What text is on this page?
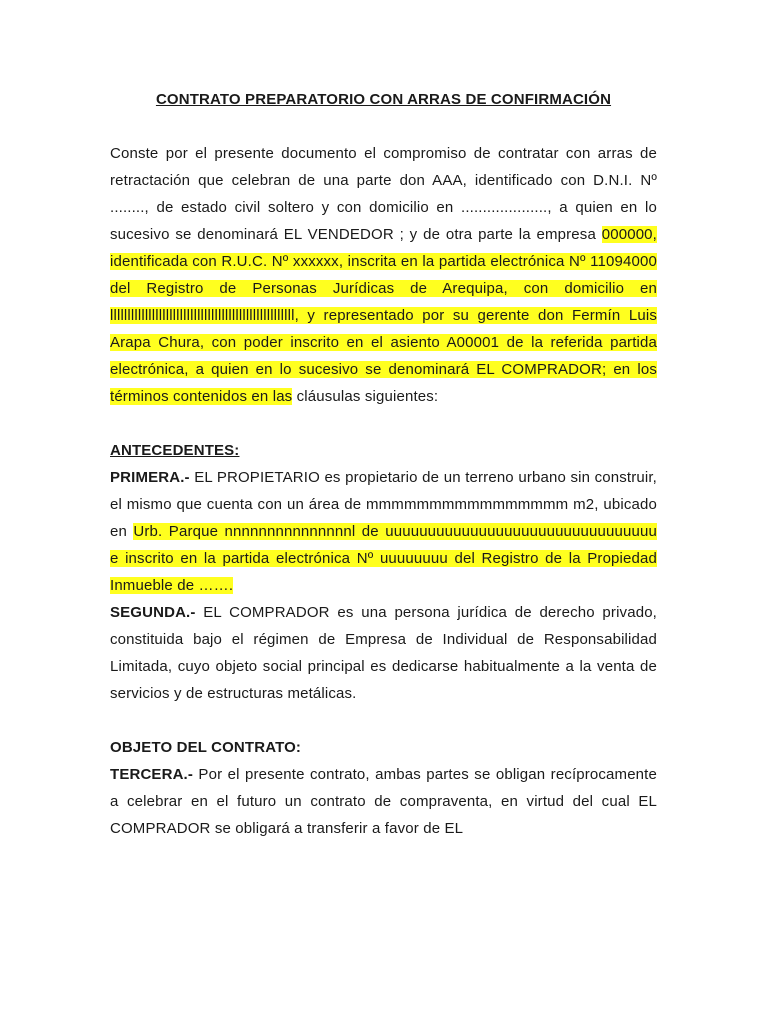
CONTRATO PREPARATORIO CON ARRAS DE CONFIRMACIÓN

Conste por el presente documento el compromiso de contratar con arras de retractación que celebran de una parte don AAA, identificado con D.N.I. Nº ........, de estado civil soltero y con domicilio en ...................., a quien en lo sucesivo se denominará EL VENDEDOR ; y de otra parte la empresa 000000, identificada con R.U.C. Nº xxxxxx, inscrita en la partida electrónica Nº 11094000 del Registro de Personas Jurídicas de Arequipa, con domicilio en lllllllllllllllllllllllllllllllllllllllllllllllllllll, y representado por su gerente don Fermín Luis Arapa Chura, con poder inscrito en el asiento A00001 de la referida partida electrónica, a quien en lo sucesivo se denominará EL COMPRADOR; en los términos contenidos en las cláusulas siguientes:

ANTECEDENTES:

PRIMERA.- EL PROPIETARIO es propietario de un terreno urbano sin construir, el mismo que cuenta con un área de mmmmmmmmmmmmmmmm m2, ubicado en Urb. Parque nnnnnnnnnnnnnnnl de uuuuuuuuuuuuuuuuuuuuuuuuuuuuuuuu e inscrito en la partida electrónica Nº uuuuuuuu del Registro de la Propiedad Inmueble de …….

SEGUNDA.- EL COMPRADOR es una persona jurídica de derecho privado, constituida bajo el régimen de Empresa de Individual de Responsabilidad Limitada, cuyo objeto social principal es dedicarse habitualmente a la venta de servicios y de estructuras metálicas.

OBJETO DEL CONTRATO:

TERCERA.- Por el presente contrato, ambas partes se obligan recíprocamente a celebrar en el futuro un contrato de compraventa, en virtud del cual EL COMPRADOR se obligará a transferir a favor de EL
